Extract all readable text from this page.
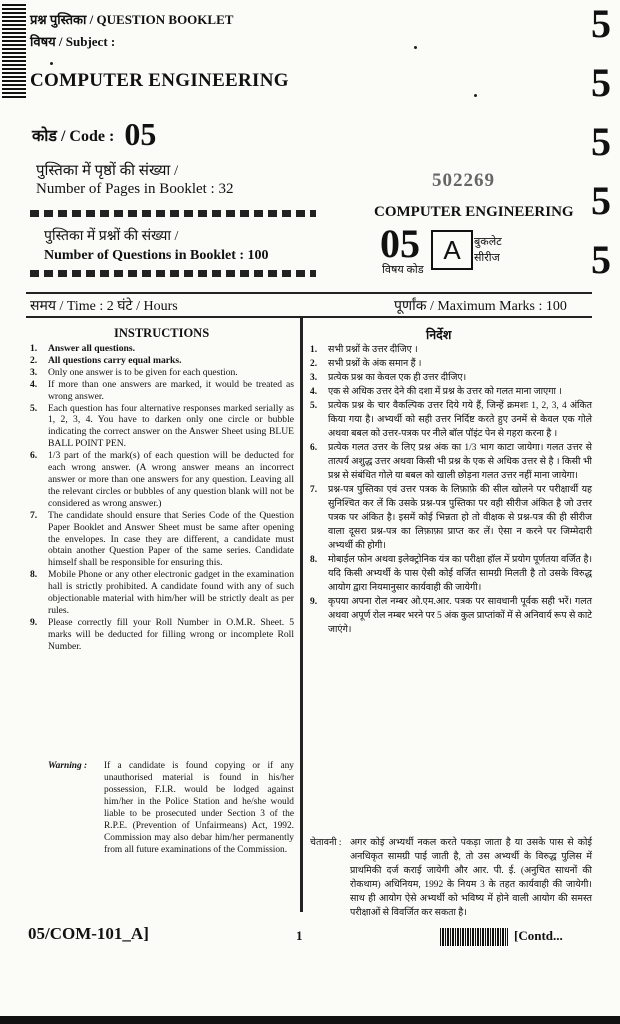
प्रश्न पुस्तिका / QUESTION BOOKLET
विषय / Subject :	5
5
5
5
5
COMPUTER ENGINEERING
कोड / Code : 05
पुस्तिका में पृष्ठों की संख्या /
Number of Pages in Booklet : 32
पुस्तिका में प्रश्नों की संख्या /
Number of Questions in Booklet : 100
502269
COMPUTER ENGINEERING
05 A
विषय कोड
बुकलेट
सीरीज
समय / Time : 2 घंटे / Hours	पूर्णांक / Maximum Marks : 100
INSTRUCTIONS
1. Answer all questions.
2. All questions carry equal marks.
3. Only one answer is to be given for each question.
4. If more than one answers are marked, it would be treated as wrong answer.
5. Each question has four alternative responses marked serially as 1, 2, 3, 4. You have to darken only one circle or bubble indicating the correct answer on the Answer Sheet using BLUE BALL POINT PEN.
6. 1/3 part of the mark(s) of each question will be deducted for each wrong answer. (A wrong answer means an incorrect answer or more than one answers for any question. Leaving all the relevant circles or bubbles of any question blank will not be considered as wrong answer.)
7. The candidate should ensure that Series Code of the Question Paper Booklet and Answer Sheet must be same after opening the envelopes. In case they are different, a candidate must obtain another Question Paper of the same series. Candidate himself shall be responsible for ensuring this.
8. Mobile Phone or any other electronic gadget in the examination hall is strictly prohibited. A candidate found with any of such objectionable material with him/her will be strictly dealt as per rules.
9. Please correctly fill your Roll Number in O.M.R. Sheet. 5 marks will be deducted for filling wrong or incomplete Roll Number.
Warning : If a candidate is found copying or if any unauthorised material is found in his/her possession, F.I.R. would be lodged against him/her in the Police Station and he/she would liable to be prosecuted under Section 3 of the R.P.E. (Prevention of Unfairmeans) Act, 1992. Commission may also debar him/her permanently from all future examinations of the Commission.
निर्देश
1. सभी प्रश्नों के उत्तर दीजिए ।
2. सभी प्रश्नों के अंक समान हैं ।
3. प्रत्येक प्रश्न का केवल एक ही उत्तर दीजिए।
4. एक से अधिक उत्तर देने की दशा में प्रश्न के उत्तर को गलत माना जाएगा ।
5. प्रत्येक प्रश्न के चार वैकल्पिक उत्तर दिये गये हैं, जिन्हें क्रमशः 1, 2, 3, 4 अंकित किया गया है। अभ्यर्थी को सही उत्तर निर्दिष्ट करते हुए उनमें से केवल एक गोले अथवा बबल को उत्तर-पत्रक पर नीले बॉल पॉइंट पेन से गहरा करना है ।
6. प्रत्येक गलत उत्तर के लिए प्रश्न अंक का 1/3 भाग काटा जायेगा। गलत उत्तर से तात्पर्य अशुद्ध उत्तर अथवा किसी भी प्रश्न के एक से अधिक उत्तर से है । किसी भी प्रश्न से संबंधित गोले या बबल को खाली छोड़ना गलत उत्तर नहीं माना जायेगा।
7. प्रश्न-पत्र पुस्तिका एवं उत्तर पत्रक के लिफ़ाफ़े की सील खोलने पर परीक्षार्थी यह सुनिश्चित कर लें कि उसके प्रश्न-पत्र पुस्तिका पर वही सीरीज अंकित है जो उत्तर पत्रक पर अंकित है। इसमें कोई भिन्नता हो तो वीक्षक से प्रश्न-पत्र की ही सीरीज वाला दूसरा प्रश्न-पत्र का लिफ़ाफ़ा प्राप्त कर लें। ऐसा न करने पर जिम्मेदारी अभ्यर्थी की होगी।
8. मोबाईल फोन अथवा इलेक्ट्रोनिक यंत्र का परीक्षा हॉल में प्रयोग पूर्णतया वर्जित है। यदि किसी अभ्यर्थी के पास ऐसी कोई वर्जित सामग्री मिलती है तो उसके विरुद्ध आयोग द्वारा नियमानुसार कार्यवाही की जायेगी।
9. कृपया अपना रोल नम्बर ओ.एम.आर. पत्रक पर सावधानी पूर्वक सही भरें। गलत अथवा अपूर्ण रोल नम्बर भरने पर 5 अंक कुल प्राप्तांकों में से अनिवार्य रूप से काटे जाएंगे।
चेतावनी : अगर कोई अभ्यर्थी नकल करते पकड़ा जाता है या उसके पास से कोई अनधिकृत सामग्री पाई जाती है, तो उस अभ्यर्थी के विरुद्ध पुलिस में प्राथमिकी दर्ज कराई जायेगी और आर. पी. ई. (अनुचित साधनों की रोकथाम) अधिनियम, 1992 के नियम 3 के तहत कार्यवाही की जायेगी। साथ ही आयोग ऐसे अभ्यर्थी को भविष्य में होने वाली आयोग की समस्त परीक्षाओं से विवर्जित कर सकता है।
05/COM-101_A]	1	[Contd...
